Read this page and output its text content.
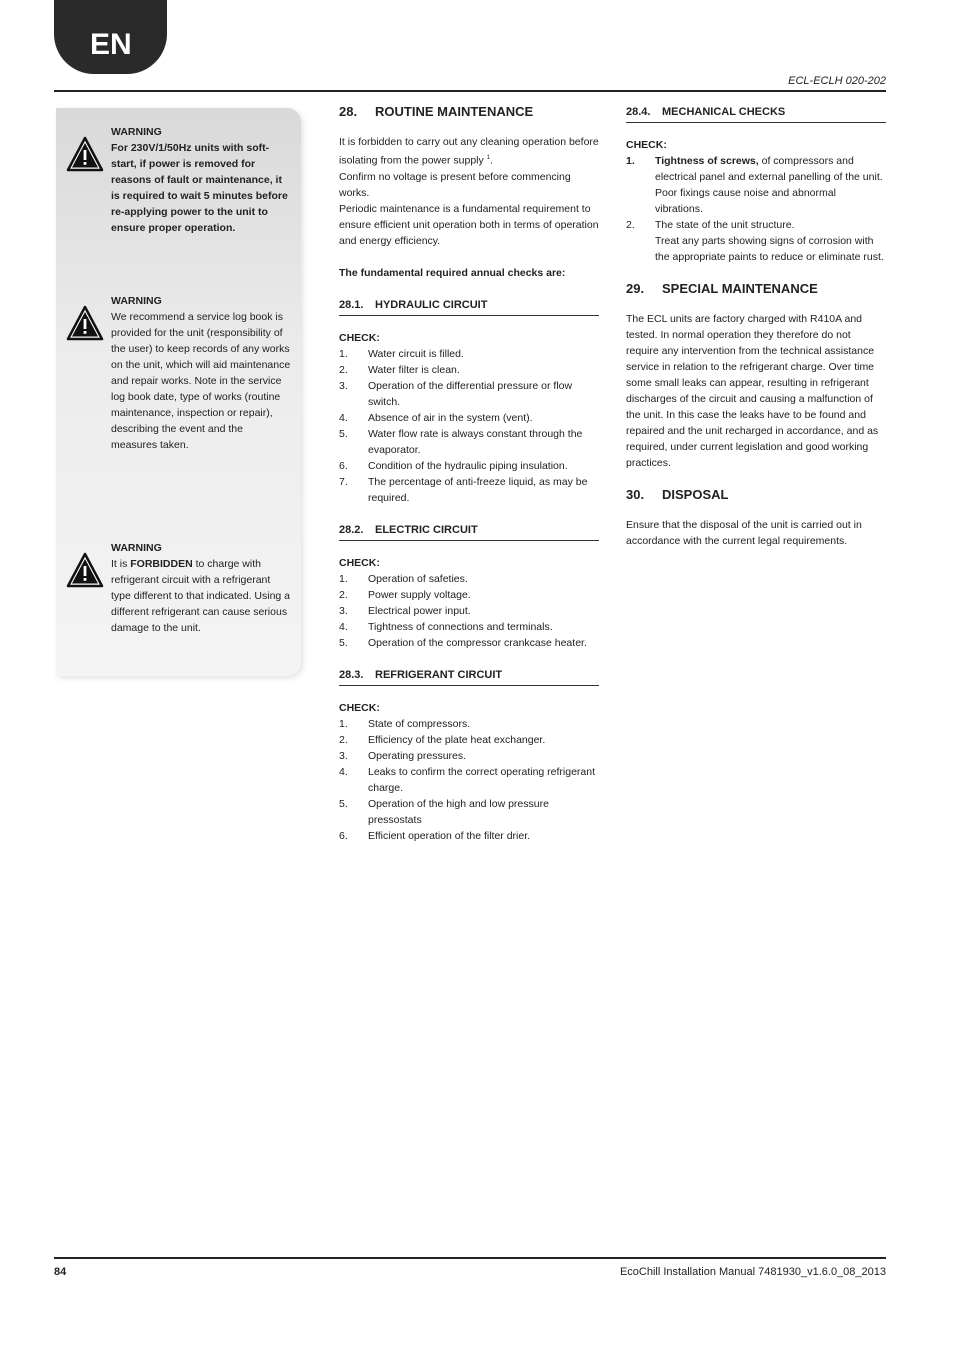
EN
ECL-ECLH 020-202
WARNING
For 230V/1/50Hz units with soft-start, if power is removed for reasons of fault or maintenance, it is required to wait 5 minutes before re-applying power to the unit to ensure proper operation.
WARNING
We recommend a service log book is provided for the unit (responsibility of the user) to keep records of any works on the unit, which will aid maintenance and repair works. Note in the service log book date, type of works (routine maintenance, inspection or repair), describing the event and the measures taken.
WARNING
It is FORBIDDEN to charge with refrigerant circuit with a refrigerant type different to that indicated. Using a different refrigerant can cause serious damage to the unit.
28.	ROUTINE MAINTENANCE

It is forbidden to carry out any cleaning operation before isolating from the power supply $^1$.

Confirm no voltage is present before commencing works.

Periodic maintenance is a fundamental requirement to ensure efficient unit operation both in terms of operation and energy efficiency.

The fundamental required annual checks are:

28.1.	HYDRAULIC CIRCUIT
CHECK:
1.	Water circuit is filled.
2.	Water filter is clean.
3.	Operation of the differential pressure or flow switch.
4.	Absence of air in the system (vent).
5.	Water flow rate is always constant through the evaporator.
6.	Condition of the hydraulic piping insulation.
7.	The percentage of anti-freeze liquid, as may be required.
28.2.	ELECTRIC CIRCUIT
CHECK:
1.	Operation of safeties.
2.	Power supply voltage.
3.	Electrical power input.
4.	Tightness of connections and terminals.
5.	Operation of the compressor crankcase heater.
28.3.	REFRIGERANT CIRCUIT
CHECK:
1.	State of compressors.
2.	Efficiency of the plate heat exchanger.
3.	Operating pressures.
4.	Leaks to confirm the correct operating refrigerant charge.
5.	Operation of the high and low pressure pressostats
6.	Efficient operation of the filter drier.
28.4.	MECHANICAL CHECKS
CHECK:
1.	Tightness of screws, of compressors and electrical panel and external panelling of the unit. Poor fixings cause noise and abnormal vibrations.
2.	The state of the unit structure.
Treat any parts showing signs of corrosion with the appropriate paints to reduce or eliminate rust.
29.	SPECIAL MAINTENANCE

The ECL units are factory charged with R410A and tested. In normal operation they therefore do not require any intervention from the technical assistance service in relation to the refrigerant charge. Over time some small leaks can appear, resulting in refrigerant discharges of the circuit and causing a malfunction of the unit. In this case the leaks have to be found and repaired and the unit recharged in accordance, and as required, under current legislation and good working practices.

30.	DISPOSAL

Ensure that the disposal of the unit is carried out in accordance with the current legal requirements.

84	EcoChill Installation Manual 7481930_v1.6.0_08_2013
